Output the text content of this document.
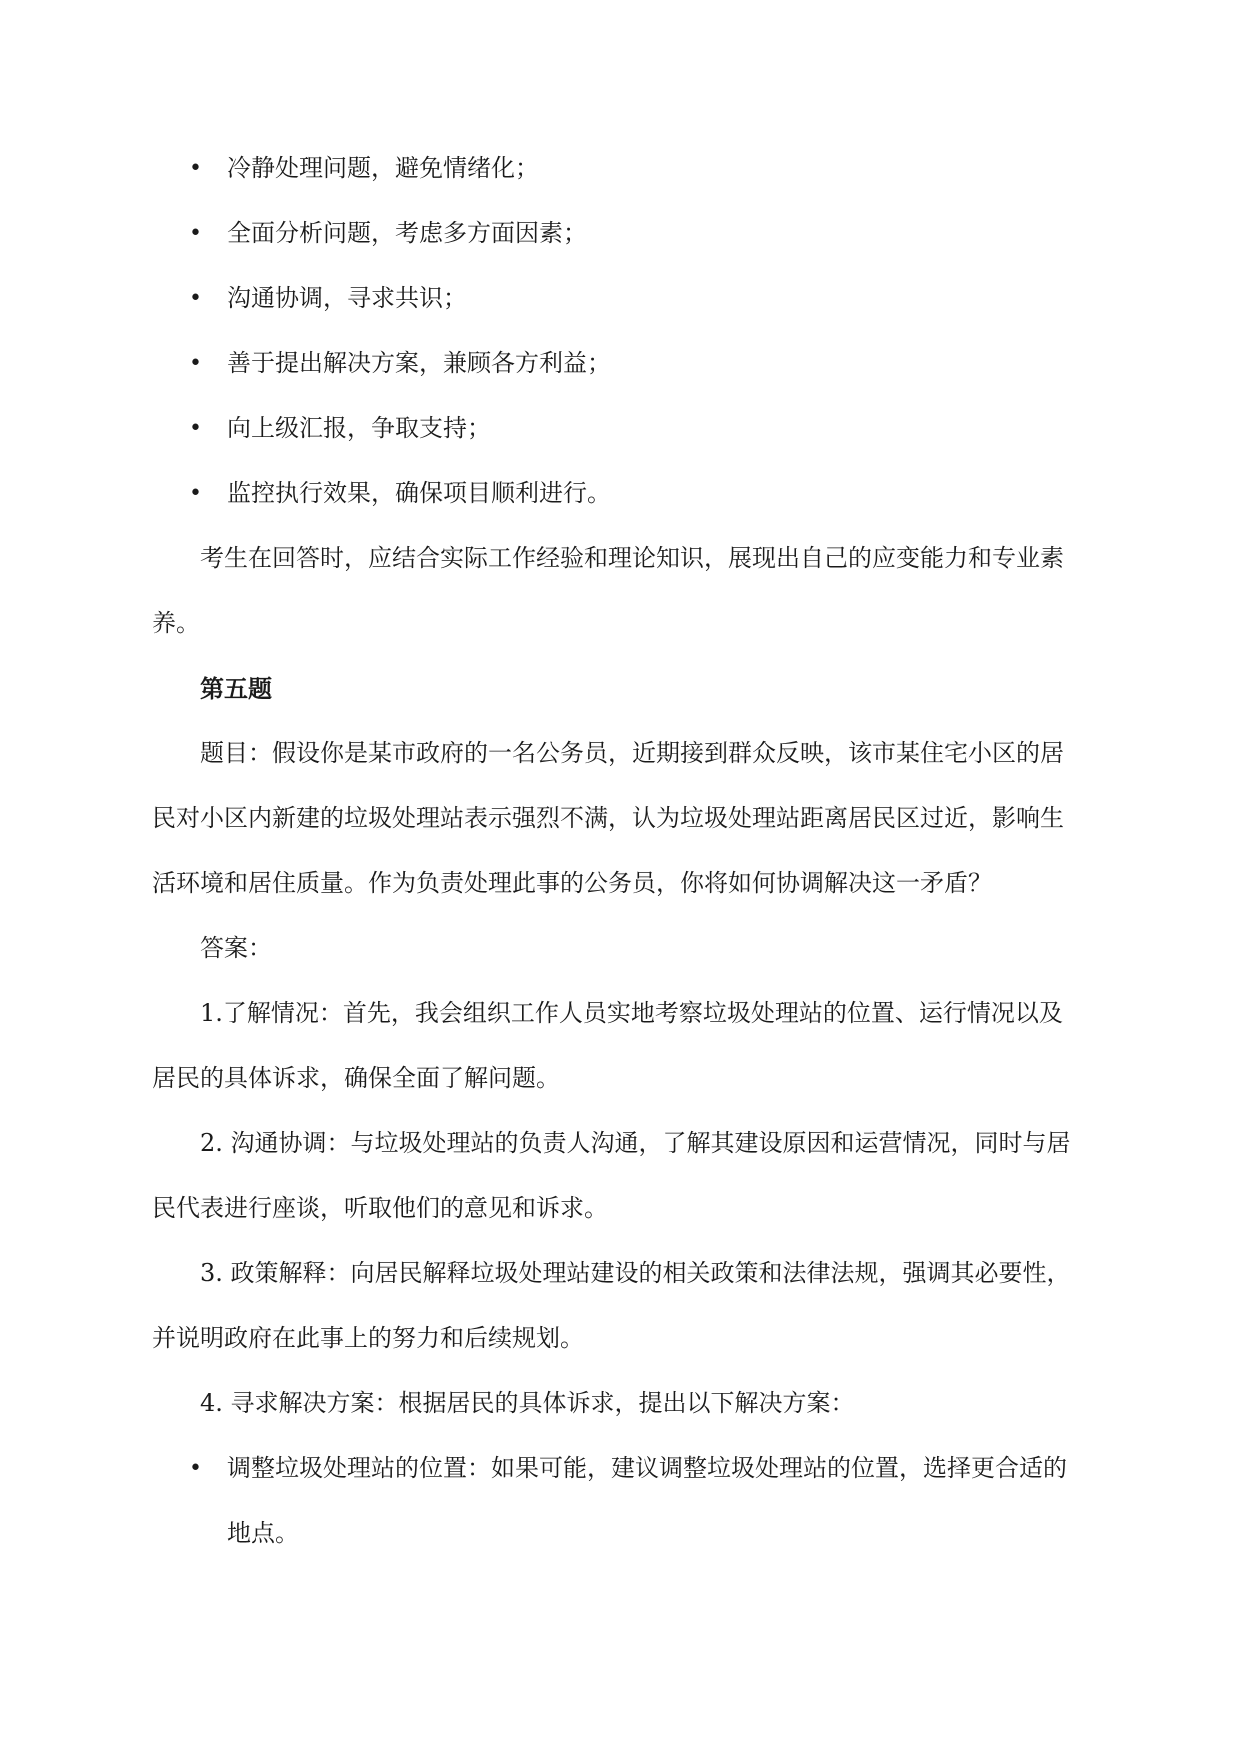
• 冷静处理问题，避免情绪化；
• 全面分析问题，考虑多方面因素；
• 沟通协调，寻求共识；
• 善于提出解决方案，兼顾各方利益；
• 向上级汇报，争取支持；
• 监控执行效果，确保项目顺利进行。
考生在回答时，应结合实际工作经验和理论知识，展现出自己的应变能力和专业素
养。
第五题
题目：假设你是某市政府的一名公务员，近期接到群众反映，该市某住宅小区的居
民对小区内新建的垃圾处理站表示强烈不满，认为垃圾处理站距离居民区过近，影响生
活环境和居住质量。作为负责处理此事的公务员，你将如何协调解决这一矛盾？
答案：
1.了解情况：首先，我会组织工作人员实地考察垃圾处理站的位置、运行情况以及
居民的具体诉求，确保全面了解问题。
2. 沟通协调：与垃圾处理站的负责人沟通，了解其建设原因和运营情况，同时与居
民代表进行座谈，听取他们的意见和诉求。
3. 政策解释：向居民解释垃圾处理站建设的相关政策和法律法规，强调其必要性，
并说明政府在此事上的努力和后续规划。
4. 寻求解决方案：根据居民的具体诉求，提出以下解决方案：
• 调整垃圾处理站的位置：如果可能，建议调整垃圾处理站的位置，选择更合适的
地点。
